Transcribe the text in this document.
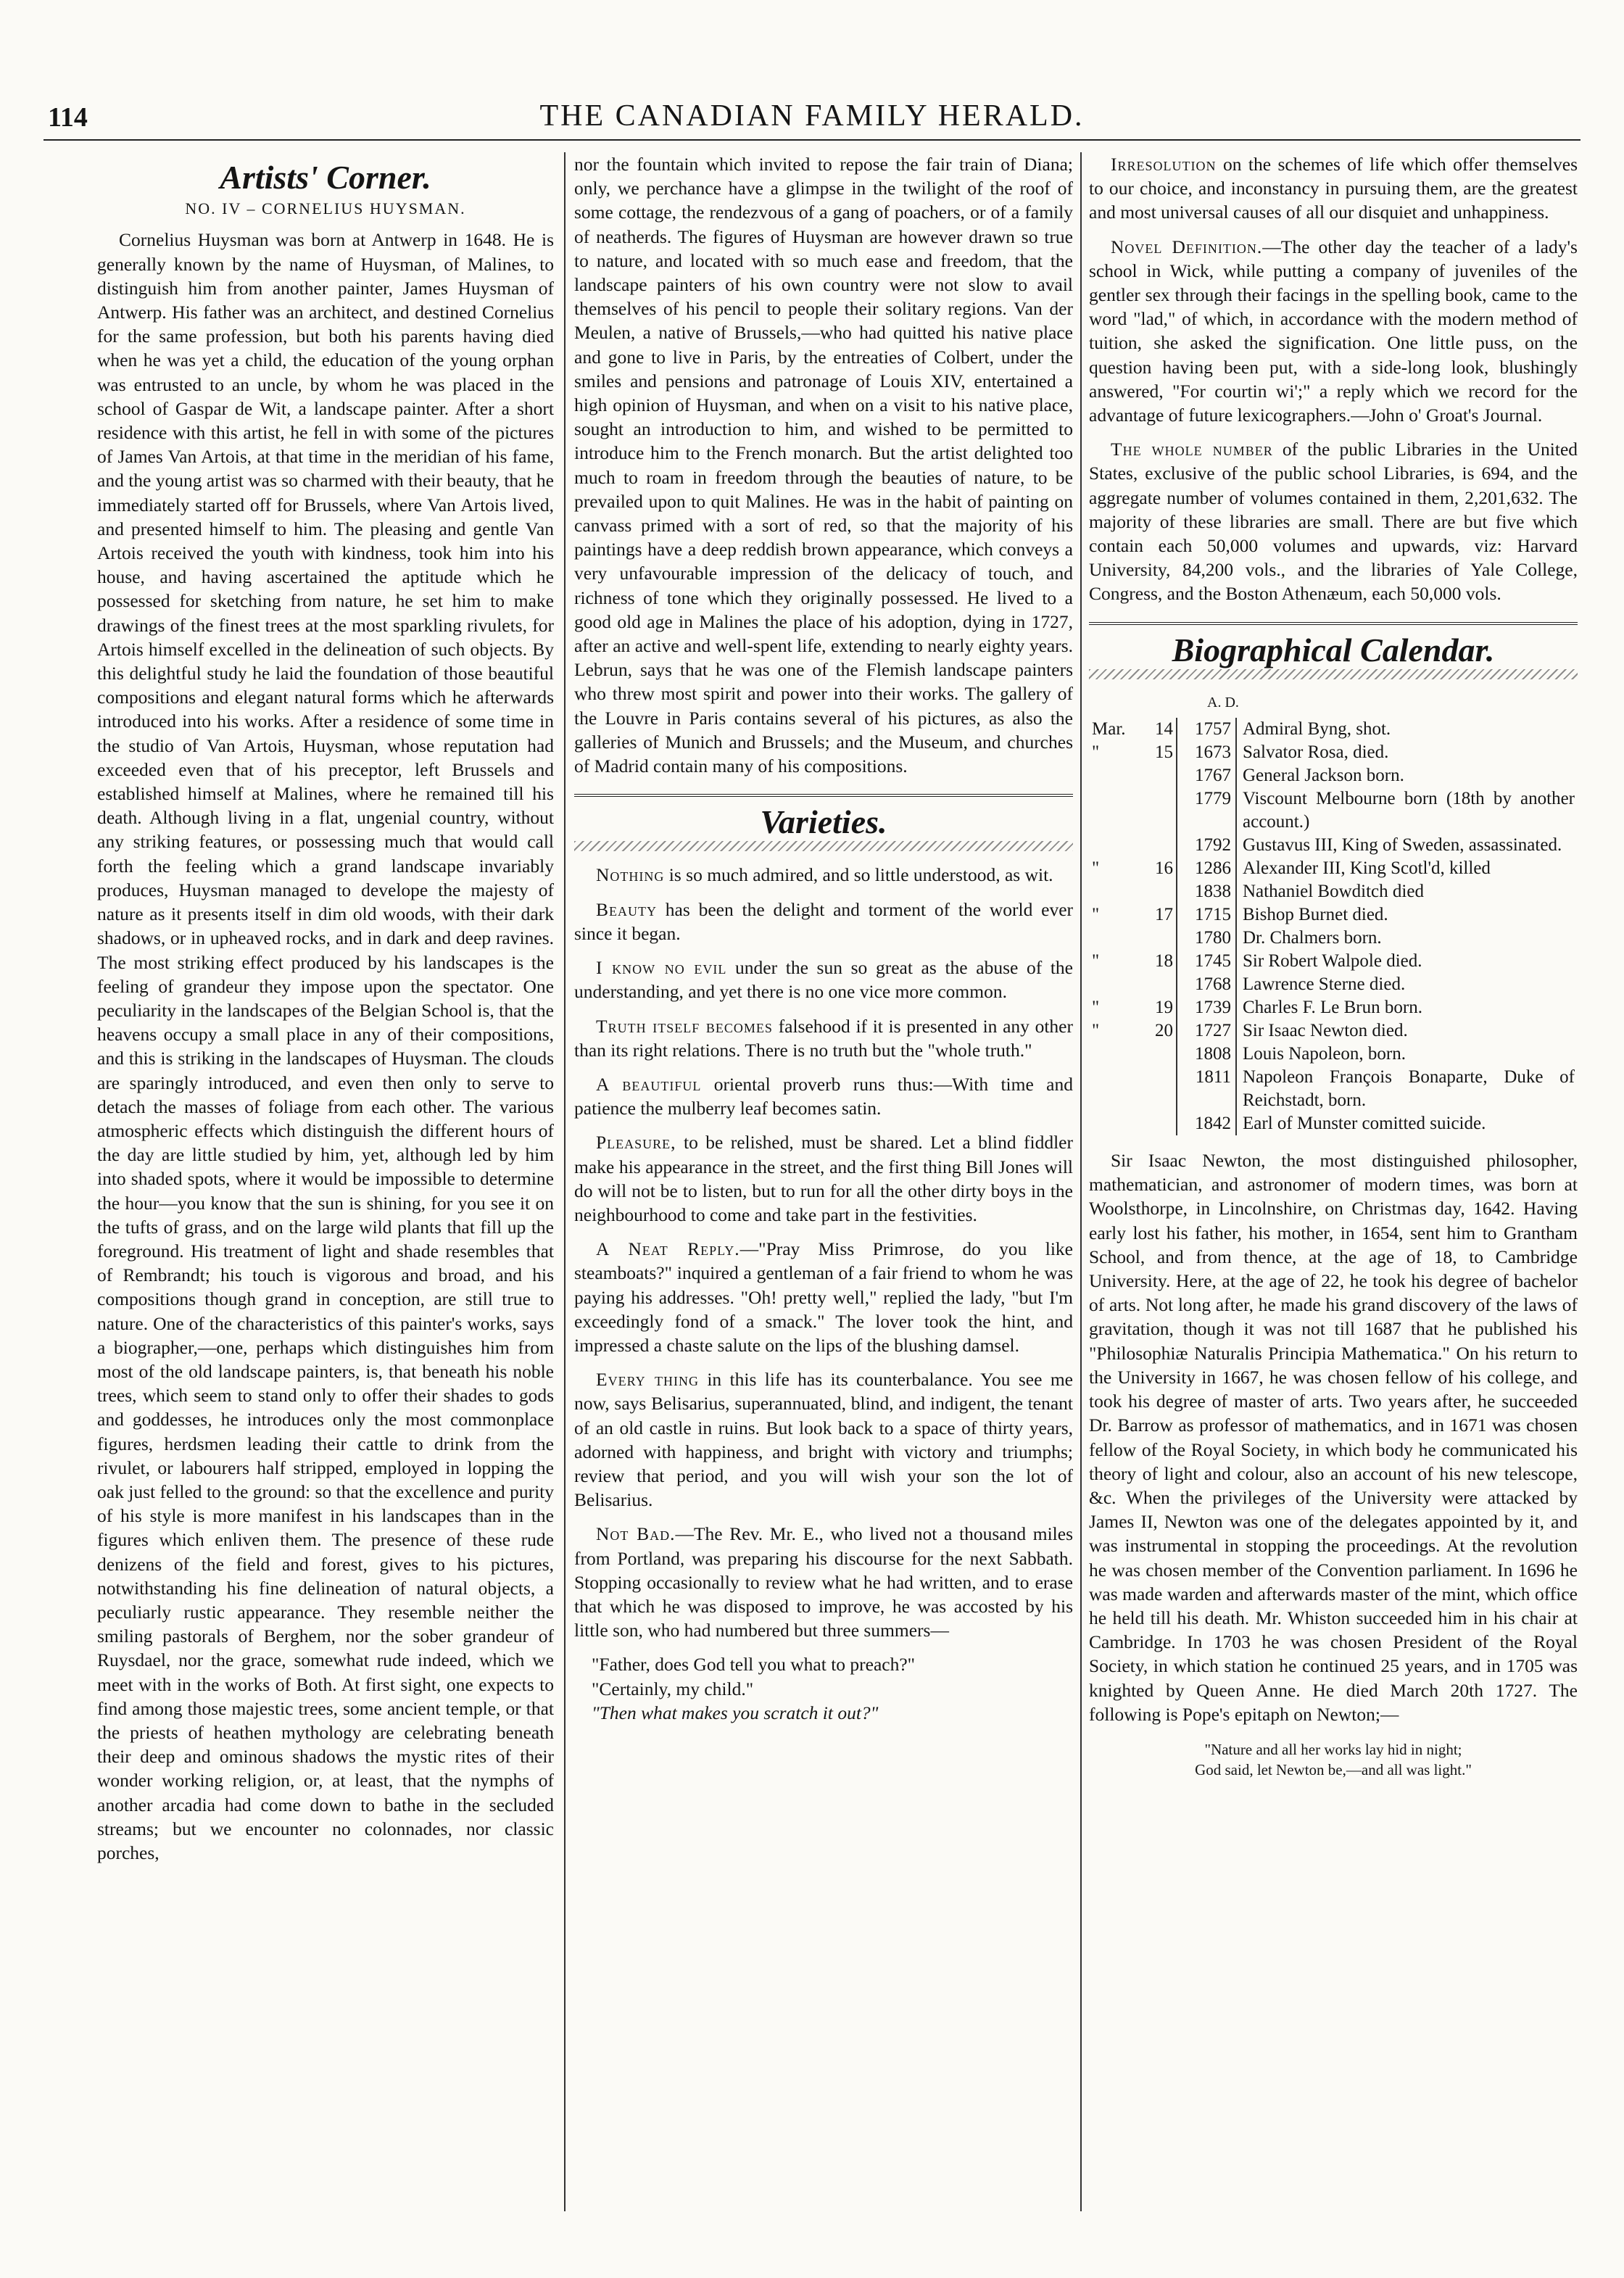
114	THE CANADIAN FAMILY HERALD.
Artists' Corner.
NO. IV – CORNELIUS HUYSMAN.

Cornelius Huysman was born at Antwerp in 1648. He is generally known by the name of Huysman, of Malines, to distinguish him from another painter, James Huysman of Antwerp. His father was an architect, and destined Cornelius for the same profession, but both his parents having died when he was yet a child, the education of the young orphan was entrusted to an uncle, by whom he was placed in the school of Gaspar de Wit, a landscape painter. After a short residence with this artist, he fell in with some of the pictures of James Van Artois, at that time in the meridian of his fame, and the young artist was so charmed with their beauty, that he immediately started off for Brussels, where Van Artois lived, and presented himself to him. The pleasing and gentle Van Artois received the youth with kindness, took him into his house, and having ascertained the aptitude which he possessed for sketching from nature, he set him to make drawings of the finest trees at the most sparkling rivulets, for Artois himself excelled in the delineation of such objects. By this delightful study he laid the foundation of those beautiful compositions and elegant natural forms which he afterwards introduced into his works. After a residence of some time in the studio of Van Artois, Huysman, whose reputation had exceeded even that of his preceptor, left Brussels and established himself at Malines, where he remained till his death. Although living in a flat, ungenial country, without any striking features, or possessing much that would call forth the feeling which a grand landscape invariably produces, Huysman managed to develope the majesty of nature as it presents itself in dim old woods, with their dark shadows, or in upheaved rocks, and in dark and deep ravines. The most striking effect produced by his landscapes is the feeling of grandeur they impose upon the spectator. One peculiarity in the landscapes of the Belgian School is, that the heavens occupy a small place in any of their compositions, and this is striking in the landscapes of Huysman. The clouds are sparingly introduced, and even then only to serve to detach the masses of foliage from each other. The various atmospheric effects which distinguish the different hours of the day are little studied by him, yet, although led by him into shaded spots, where it would be impossible to determine the hour—you know that the sun is shining, for you see it on the tufts of grass, and on the large wild plants that fill up the foreground. His treatment of light and shade resembles that of Rembrandt; his touch is vigorous and broad, and his compositions though grand in conception, are still true to nature. One of the characteristics of this painter's works, says a biographer,—one, perhaps which distinguishes him from most of the old landscape painters, is, that beneath his noble trees, which seem to stand only to offer their shades to gods and goddesses, he introduces only the most commonplace figures, herdsmen leading their cattle to drink from the rivulet, or labourers half stripped, employed in lopping the oak just felled to the ground: so that the excellence and purity of his style is more manifest in his landscapes than in the figures which enliven them. The presence of these rude denizens of the field and forest, gives to his pictures, notwithstanding his fine delineation of natural objects, a peculiarly rustic appearance. They resemble neither the smiling pastorals of Berghem, nor the sober grandeur of Ruysdael, nor the grace, somewhat rude indeed, which we meet with in the works of Both. At first sight, one expects to find among those majestic trees, some ancient temple, or that the priests of heathen mythology are celebrating beneath their deep and ominous shadows the mystic rites of their wonder working religion, or, at least, that the nymphs of another arcadia had come down to bathe in the secluded streams; but we encounter no colonnades, nor classic porches,

nor the fountain which invited to repose the fair train of Diana; only, we perchance have a glimpse in the twilight of the roof of some cottage, the rendezvous of a gang of poachers, or of a family of neatherds. The figures of Huysman are however drawn so true to nature, and located with so much ease and freedom, that the landscape painters of his own country were not slow to avail themselves of his pencil to people their solitary regions. Van der Meulen, a native of Brussels,—who had quitted his native place and gone to live in Paris, by the entreaties of Colbert, under the smiles and pensions and patronage of Louis XIV, entertained a high opinion of Huysman, and when on a visit to his native place, sought an introduction to him, and wished to be permitted to introduce him to the French monarch. But the artist delighted too much to roam in freedom through the beauties of nature, to be prevailed upon to quit Malines. He was in the habit of painting on canvass primed with a sort of red, so that the majority of his paintings have a deep reddish brown appearance, which conveys a very unfavourable impression of the delicacy of touch, and richness of tone which they originally possessed. He lived to a good old age in Malines the place of his adoption, dying in 1727, after an active and well-spent life, extending to nearly eighty years. Lebrun, says that he was one of the Flemish landscape painters who threw most spirit and power into their works. The gallery of the Louvre in Paris contains several of his pictures, as also the galleries of Munich and Brussels; and the Museum, and churches of Madrid contain many of his compositions.

Varieties.

Nothing is so much admired, and so little understood, as wit.

Beauty has been the delight and torment of the world ever since it began.

I know no evil under the sun so great as the abuse of the understanding, and yet there is no one vice more common.

Truth itself becomes falsehood if it is presented in any other than its right relations. There is no truth but the "whole truth."

A beautiful oriental proverb runs thus:—With time and patience the mulberry leaf becomes satin.

Pleasure, to be relished, must be shared. Let a blind fiddler make his appearance in the street, and the first thing Bill Jones will do will not be to listen, but to run for all the other dirty boys in the neighbourhood to come and take part in the festivities.

A Neat Reply.—"Pray Miss Primrose, do you like steamboats?" inquired a gentleman of a fair friend to whom he was paying his addresses. "Oh! pretty well," replied the lady, "but I'm exceedingly fond of a smack." The lover took the hint, and impressed a chaste salute on the lips of the blushing damsel.

Every thing in this life has its counterbalance. You see me now, says Belisarius, superannuated, blind, and indigent, the tenant of an old castle in ruins. But look back to a space of thirty years, adorned with happiness, and bright with victory and triumphs; review that period, and you will wish your son the lot of Belisarius.

Not Bad.—The Rev. Mr. E., who lived not a thousand miles from Portland, was preparing his discourse for the next Sabbath. Stopping occasionally to review what he had written, and to erase that which he was disposed to improve, he was accosted by his little son, who had numbered but three summers—

"Father, does God tell you what to preach?"

"Certainly, my child."

"Then what makes you scratch it out?"

Irresolution on the schemes of life which offer themselves to our choice, and inconstancy in pursuing them, are the greatest and most universal causes of all our disquiet and unhappiness.

Novel Definition.—The other day the teacher of a lady's school in Wick, while putting a company of juveniles of the gentler sex through their facings in the spelling book, came to the word "lad," of which, in accordance with the modern method of tuition, she asked the signification. One little puss, on the question having been put, with a side-long look, blushingly answered, "For courtin wi';" a reply which we record for the advantage of future lexicographers.—John o' Groat's Journal.

The whole number of the public Libraries in the United States, exclusive of the public school Libraries, is 694, and the aggregate number of volumes contained in them, 2,201,632. The majority of these libraries are small. There are but five which contain each 50,000 volumes and upwards, viz: Harvard University, 84,200 vols., and the libraries of Yale College, Congress, and the Boston Athenæum, each 50,000 vols.

Biographical Calendar.
A. D.
Mar.	14	1757	Admiral Byng, shot.
"	15	1673	Salvator Rosa, died.
		1767	General Jackson born.
		1779	Viscount Melbourne born (18th by another account.)
		1792	Gustavus III, King of Sweden, assassinated.
"	16	1286	Alexander III, King Scotl'd, killed
		1838	Nathaniel Bowditch died
"	17	1715	Bishop Burnet died.
		1780	Dr. Chalmers born.
"	18	1745	Sir Robert Walpole died.
		1768	Lawrence Sterne died.
"	19	1739	Charles F. Le Brun born.
"	20	1727	Sir Isaac Newton died.
		1808	Louis Napoleon, born.
		1811	Napoleon François Bonaparte, Duke of Reichstadt, born.
		1842	Earl of Munster comitted suicide.

Sir Isaac Newton, the most distinguished philosopher, mathematician, and astronomer of modern times, was born at Woolsthorpe, in Lincolnshire, on Christmas day, 1642. Having early lost his father, his mother, in 1654, sent him to Grantham School, and from thence, at the age of 18, to Cambridge University. Here, at the age of 22, he took his degree of bachelor of arts. Not long after, he made his grand discovery of the laws of gravitation, though it was not till 1687 that he published his "Philosophiæ Naturalis Principia Mathematica." On his return to the University in 1667, he was chosen fellow of his college, and took his degree of master of arts. Two years after, he succeeded Dr. Barrow as professor of mathematics, and in 1671 was chosen fellow of the Royal Society, in which body he communicated his theory of light and colour, also an account of his new telescope, &c. When the privileges of the University were attacked by James II, Newton was one of the delegates appointed by it, and was instrumental in stopping the proceedings. At the revolution he was chosen member of the Convention parliament. In 1696 he was made warden and afterwards master of the mint, which office he held till his death. Mr. Whiston succeeded him in his chair at Cambridge. In 1703 he was chosen President of the Royal Society, in which station he continued 25 years, and in 1705 was knighted by Queen Anne. He died March 20th 1727. The following is Pope's epitaph on Newton;—

"Nature and all her works lay hid in night;

God said, let Newton be,—and all was light."
